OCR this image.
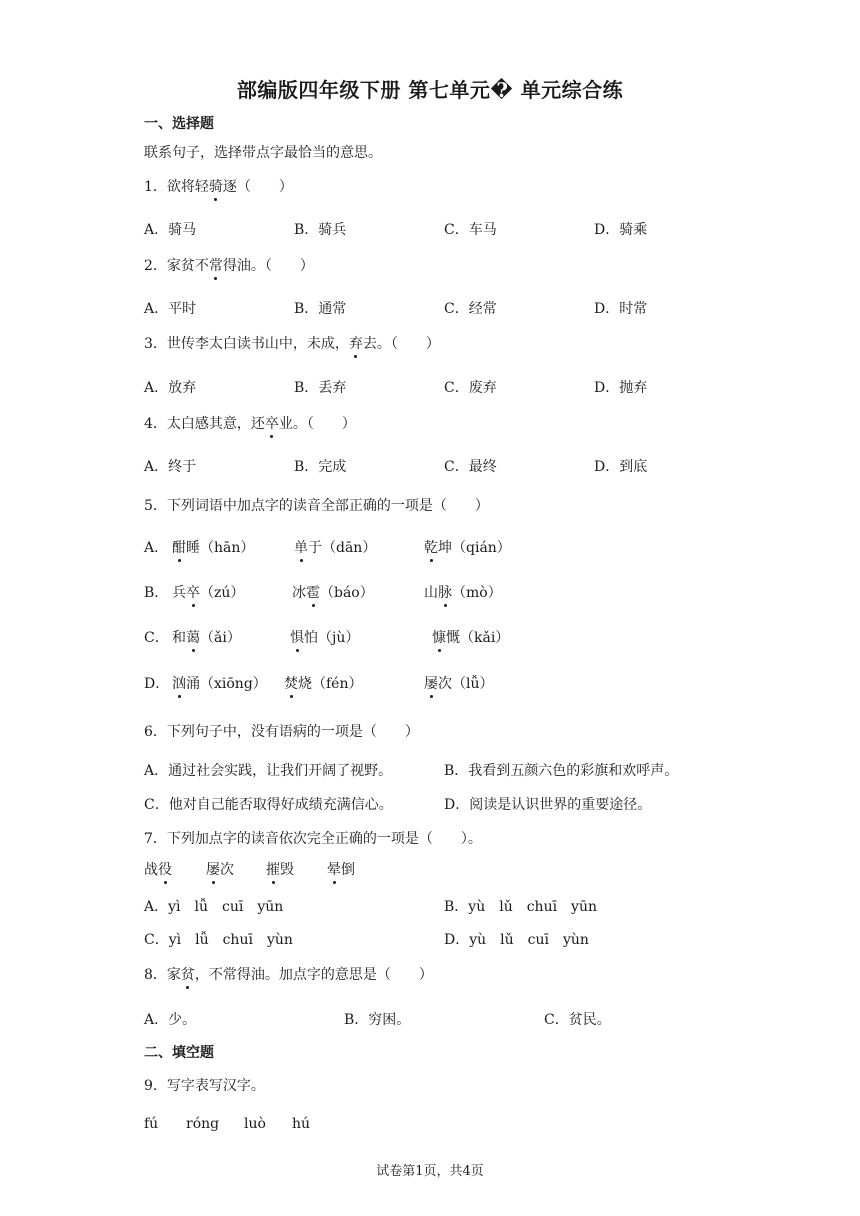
部编版四年级下册 第七单元� 单元综合练
一、选择题
联系句子，选择带点字最恰当的意思。
1．欲将轻骑逐（　　）
A．骑马	B．骑兵	C．车马	D．骑乘
2．家贫不常得油。（　　）
A．平时	B．通常	C．经常	D．时常
3．世传李太白读书山中，未成，弃去。（　　）
A．放弃	B．丢弃	C．废弃	D．抛弃
4．太白感其意，还卒业。（　　）
A．终于	B．完成	C．最终	D．到底
5．下列词语中加点字的读音全部正确的一项是（　　）
A． 酣睡（hān）	单于（dān）	乾坤（qián）
B． 兵卒（zú）	冰雹（báo）	山脉（mò）
C． 和蔼（ǎi）	惧怕（jù）	慷慨（kǎi）
D． 汹涌（xiōng） 焚烧（fén）	屡次（lǚ）
6．下列句子中，没有语病的一项是（　　）
A．通过社会实践，让我们开阔了视野。	B．我看到五颜六色的彩旗和欢呼声。
C．他对自己能否取得好成绩充满信心。	D．阅读是认识世界的重要途径。
7．下列加点字的读音依次完全正确的一项是（　　）。
战役 屡次 摧毁 晕倒
A．yì　lǚ　cuī　yūn	B．yù　lǔ　chuī　yūn
C．yì　lǚ　chuī　yùn	D．yù　lǔ　cuī　yùn
8．家贫，不常得油。加点字的意思是（　　）
A．少。	B．穷困。	C．贫民。
二、填空题
9．写字表写汉字。
fú róng luò hú
试卷第1页，共4页
